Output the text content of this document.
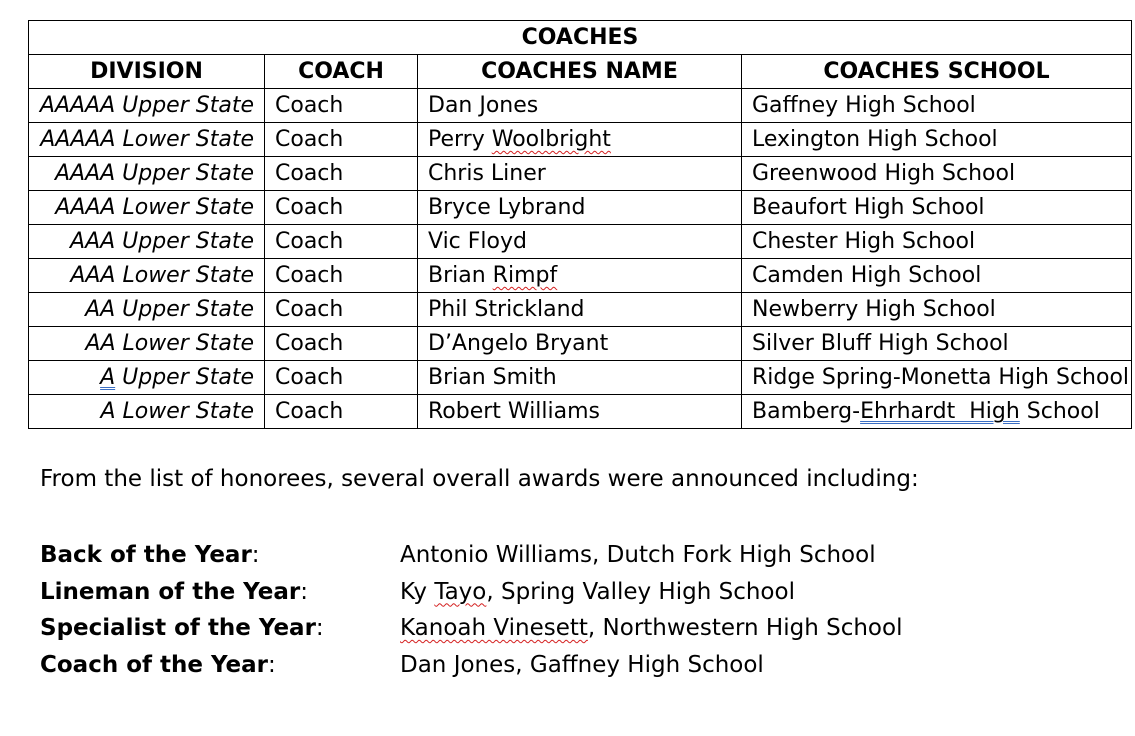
COACHES			
DIVISION	COACH	COACHES NAME	COACHES SCHOOL
AAAAA Upper State	Coach	Dan Jones	Gaffney High School
AAAAA Lower State	Coach	Perry Woolbright	Lexington High School
AAAA Upper State	Coach	Chris Liner	Greenwood High School
AAAA Lower State	Coach	Bryce Lybrand	Beaufort High School
AAA Upper State	Coach	Vic Floyd	Chester High School
AAA Lower State	Coach	Brian Rimpf	Camden High School
AA Upper State	Coach	Phil Strickland	Newberry High School
AA Lower State	Coach	D’Angelo Bryant	Silver Bluff High School
A Upper State	Coach	Brian Smith	Ridge Spring-Monetta High School
A Lower State	Coach	Robert Williams	Bamberg-Ehrhardt  High School

From the list of honorees, several overall awards were announced including:

Back of the Year:	Antonio Williams, Dutch Fork High School
Lineman of the Year:	Ky Tayo, Spring Valley High School
Specialist of the Year:	Kanoah Vinesett, Northwestern High School
Coach of the Year:	Dan Jones, Gaffney High School
